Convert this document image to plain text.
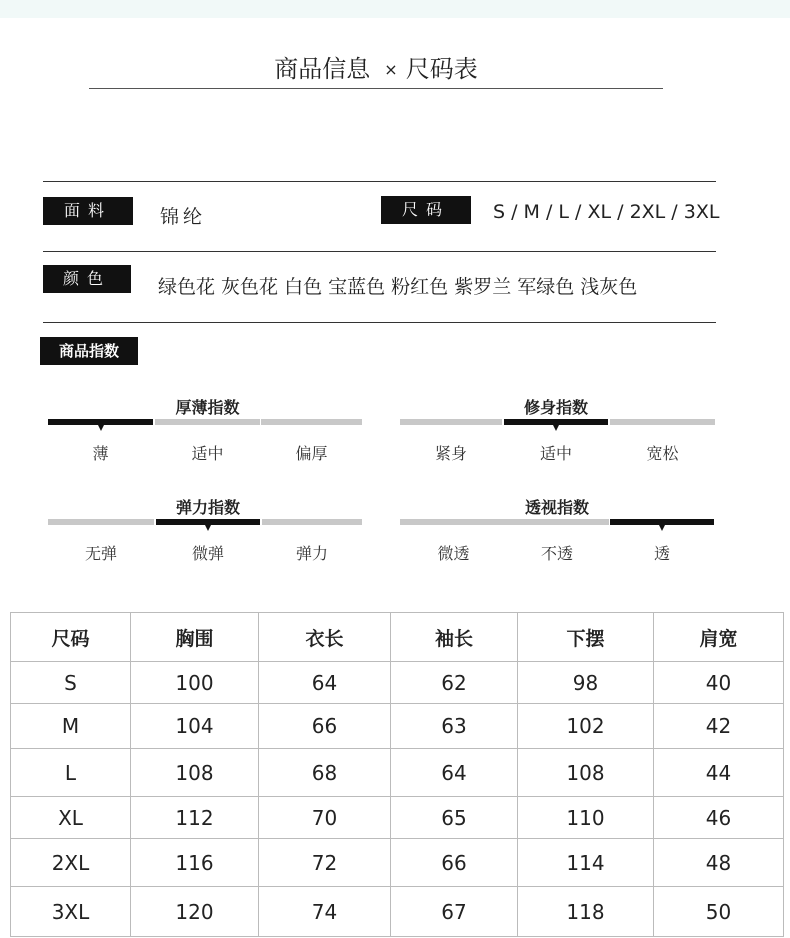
商品信息 × 尺码表
面料	锦纶	尺码	S / M / L / XL / 2XL / 3XL
颜色	绿色花 灰色花 白色 宝蓝色 粉红色 紫罗兰 军绿色 浅灰色
商品指数
厚薄指数
薄	适中	偏厚
修身指数
紧身	适中	宽松
弹力指数
无弹	微弹	弹力
透视指数
微透	不透	透
尺码	胸围	衣长	袖长	下摆	肩宽
S	100	64	62	98	40
M	104	66	63	102	42
L	108	68	64	108	44
XL	112	70	65	110	46
2XL	116	72	66	114	48
3XL	120	74	67	118	50
